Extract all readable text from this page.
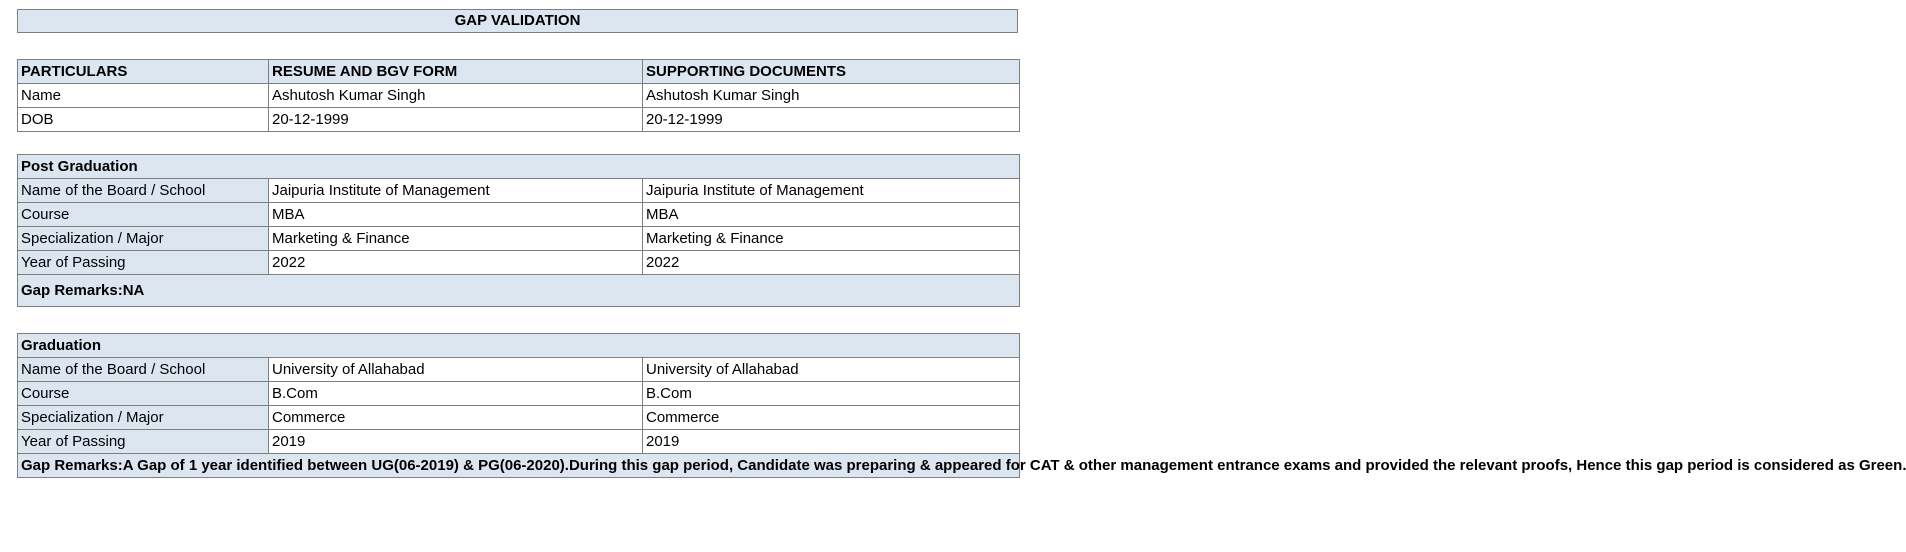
GAP VALIDATION
PARTICULARS	RESUME AND BGV FORM	SUPPORTING DOCUMENTS
Name	Ashutosh Kumar Singh	Ashutosh Kumar Singh
DOB	20-12-1999	20-12-1999
Post Graduation		
Name of the Board / School	Jaipuria Institute of Management	Jaipuria Institute of Management
Course	MBA	MBA
Specialization / Major	Marketing & Finance	Marketing & Finance
Year of Passing	2022	2022
Gap Remarks:NA		
Graduation		
Name of the Board / School	University of Allahabad	University of Allahabad
Course	B.Com	B.Com
Specialization / Major	Commerce	Commerce
Year of Passing	2019	2019
Gap Remarks:A Gap of 1 year identified between UG(06-2019) & PG(06-2020).During this gap period, Candidate was preparing & appeared for CAT & other management entrance exams and provided the relevant proofs, Hence this gap period is considered as Green.		
